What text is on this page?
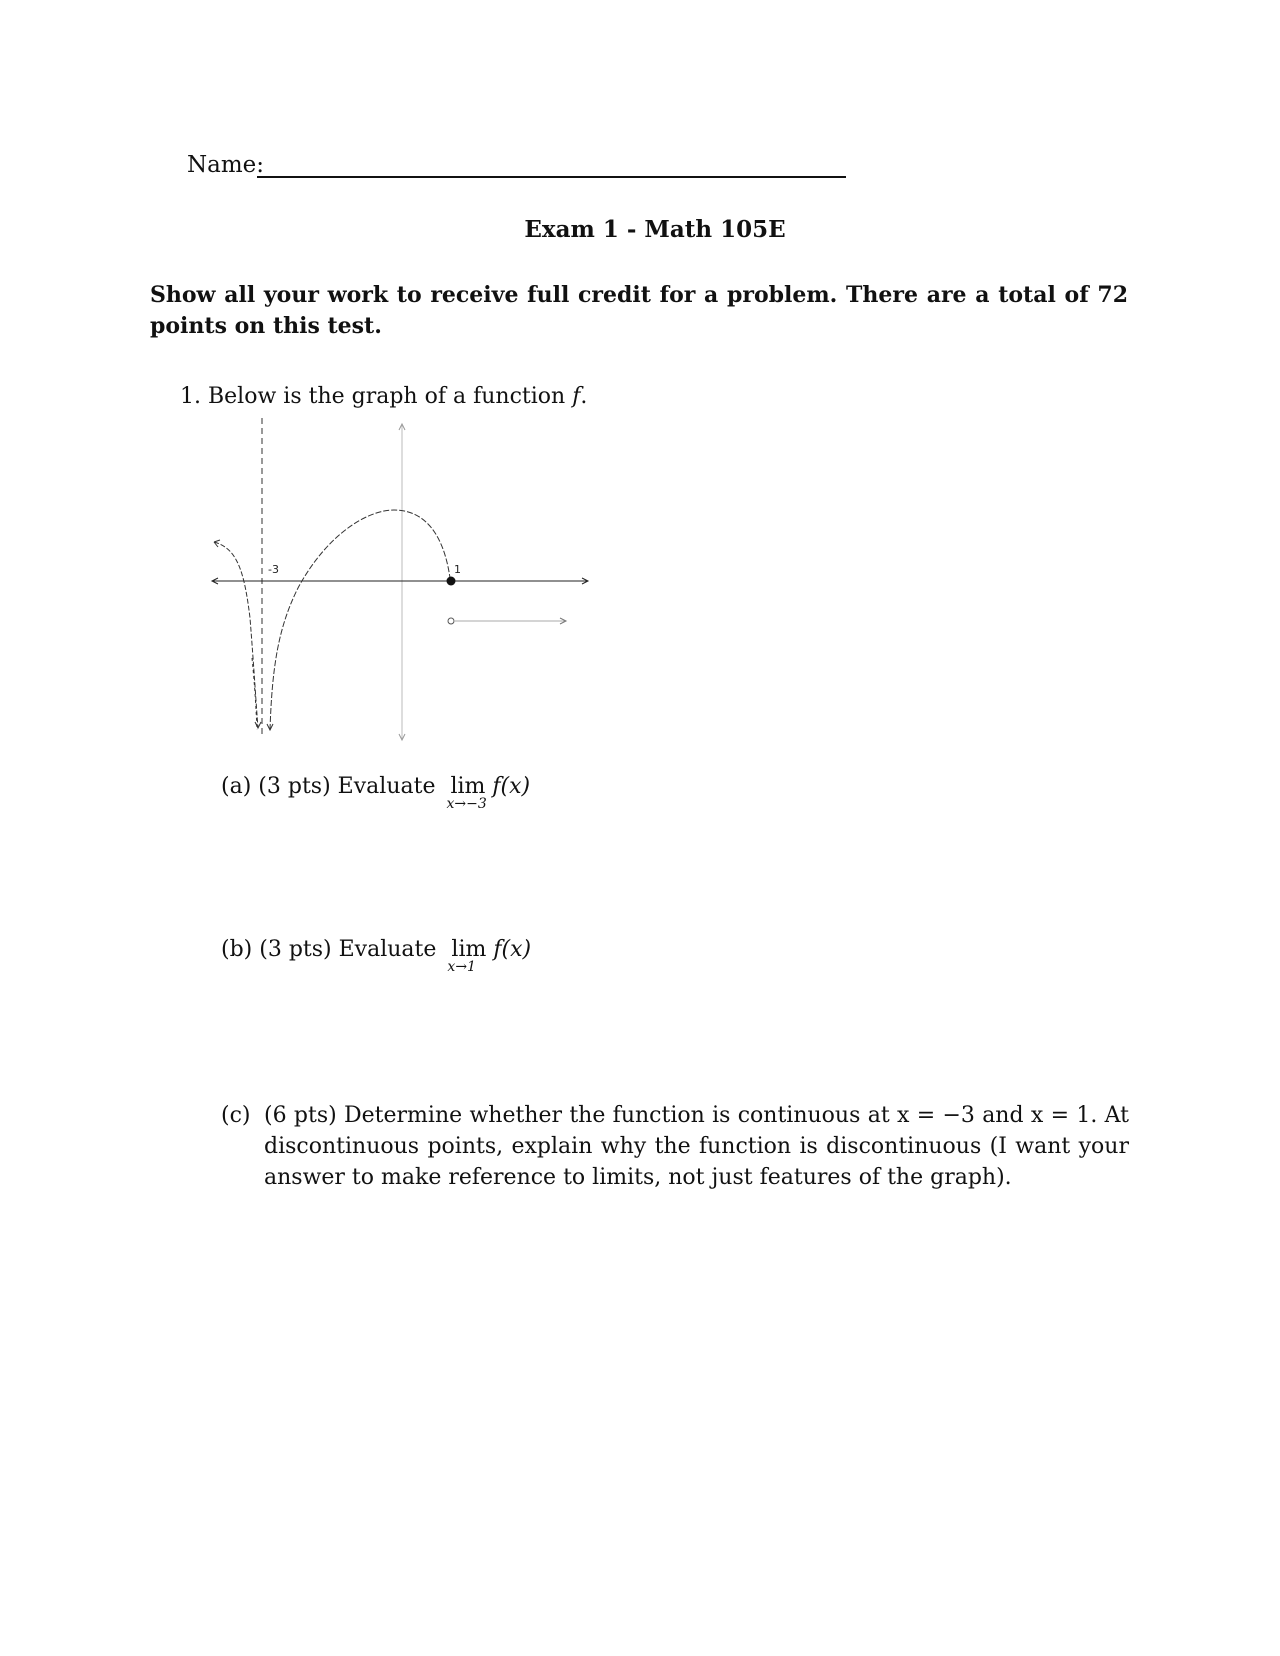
Name:
Exam 1 - Math 105E
Show all your work to receive full credit for a problem. There are a total of 72 points on this test.
1. Below is the graph of a function f.
-3	1
(a) (3 pts) Evaluate lim
x→−3
f(x)
(b) (3 pts) Evaluate lim
x→1
f(x)
(c) (6 pts) Determine whether the function is continuous at x = −3 and x = 1. At discontinuous points, explain why the function is discontinuous (I want your answer to make reference to limits, not just features of the graph).
